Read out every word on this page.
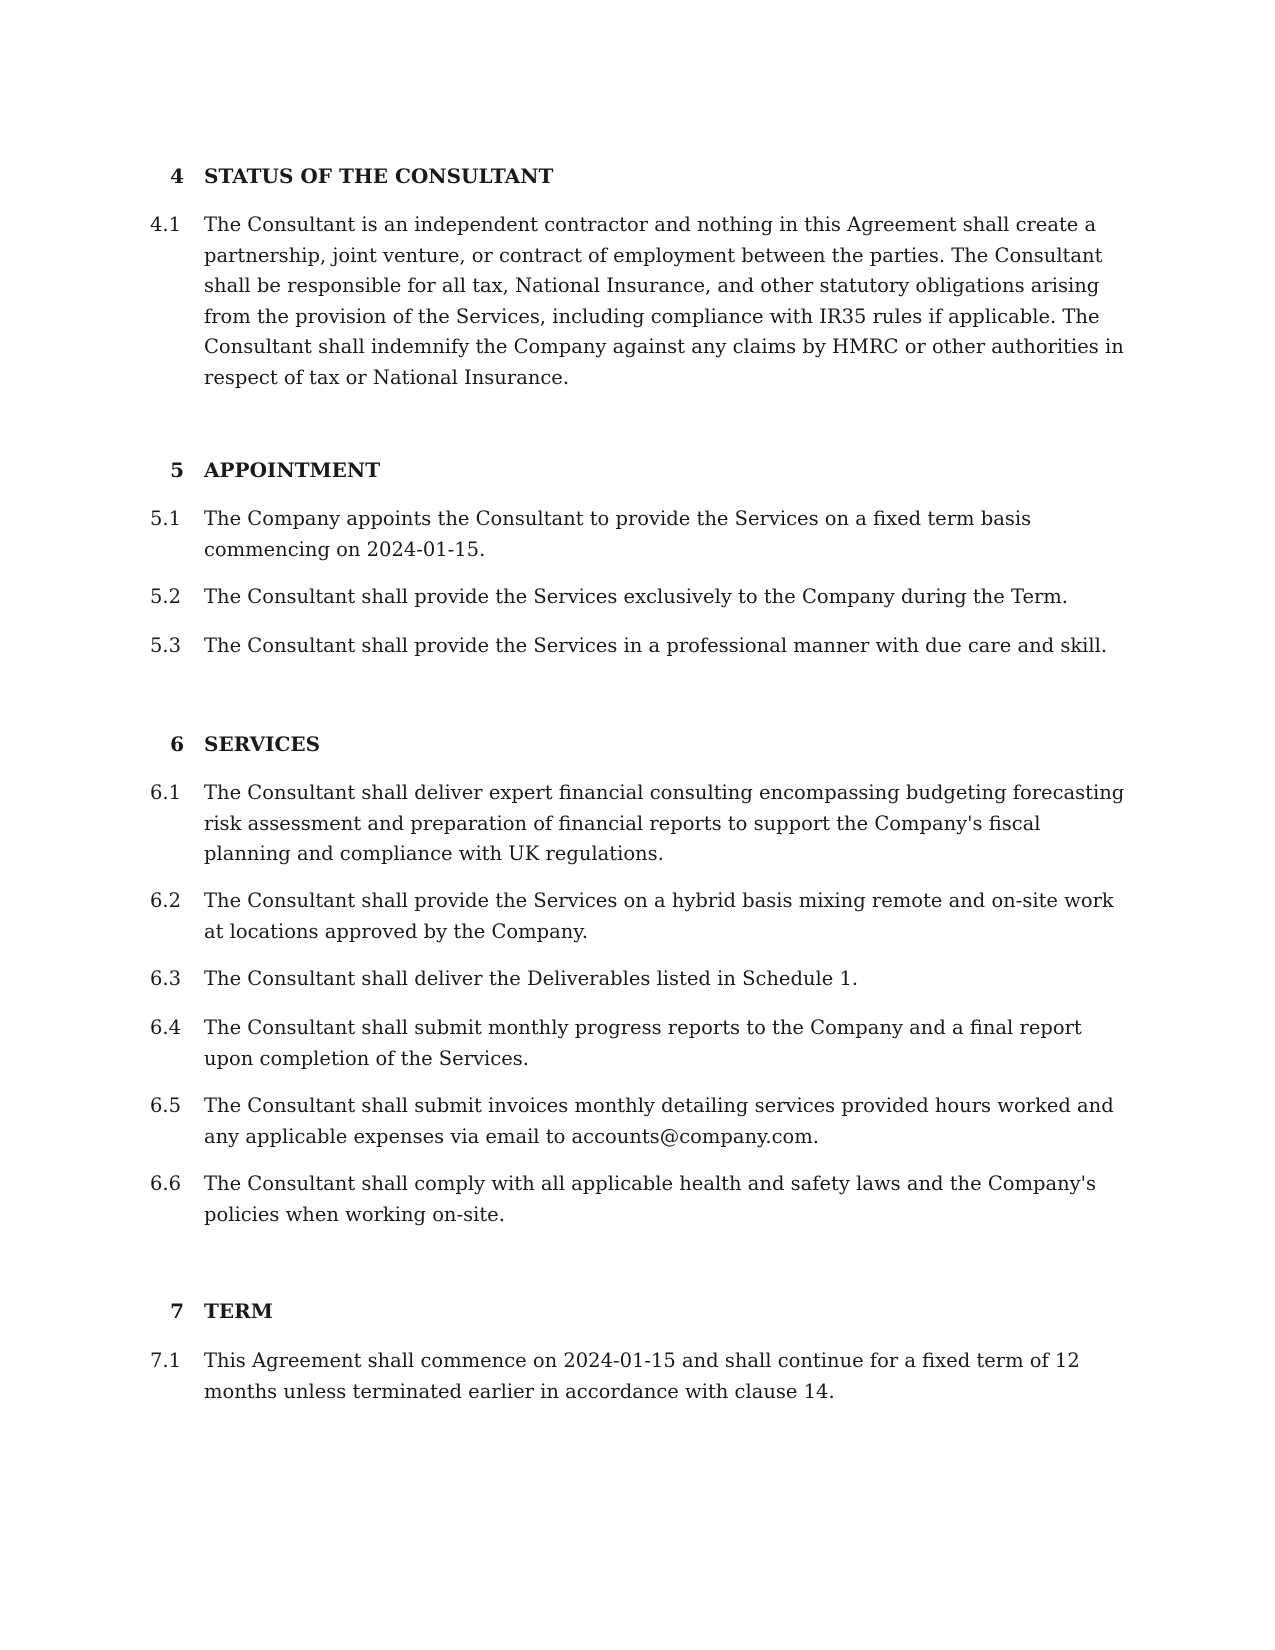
4 STATUS OF THE CONSULTANT
4.1	The Consultant is an independent contractor and nothing in this Agreement shall create a partnership, joint venture, or contract of employment between the parties. The Consultant shall be responsible for all tax, National Insurance, and other statutory obligations arising from the provision of the Services, including compliance with IR35 rules if applicable. The Consultant shall indemnify the Company against any claims by HMRC or other authorities in respect of tax or National Insurance.
5 APPOINTMENT
5.1	The Company appoints the Consultant to provide the Services on a fixed term basis commencing on 2024-01-15.
5.2	The Consultant shall provide the Services exclusively to the Company during the Term.
5.3	The Consultant shall provide the Services in a professional manner with due care and skill.
6 SERVICES
6.1	The Consultant shall deliver expert financial consulting encompassing budgeting forecasting risk assessment and preparation of financial reports to support the Company's fiscal planning and compliance with UK regulations.
6.2	The Consultant shall provide the Services on a hybrid basis mixing remote and on-site work at locations approved by the Company.
6.3	The Consultant shall deliver the Deliverables listed in Schedule 1.
6.4	The Consultant shall submit monthly progress reports to the Company and a final report upon completion of the Services.
6.5	The Consultant shall submit invoices monthly detailing services provided hours worked and any applicable expenses via email to accounts@company.com.
6.6	The Consultant shall comply with all applicable health and safety laws and the Company's policies when working on-site.
7 TERM
7.1	This Agreement shall commence on 2024-01-15 and shall continue for a fixed term of 12 months unless terminated earlier in accordance with clause 14.
